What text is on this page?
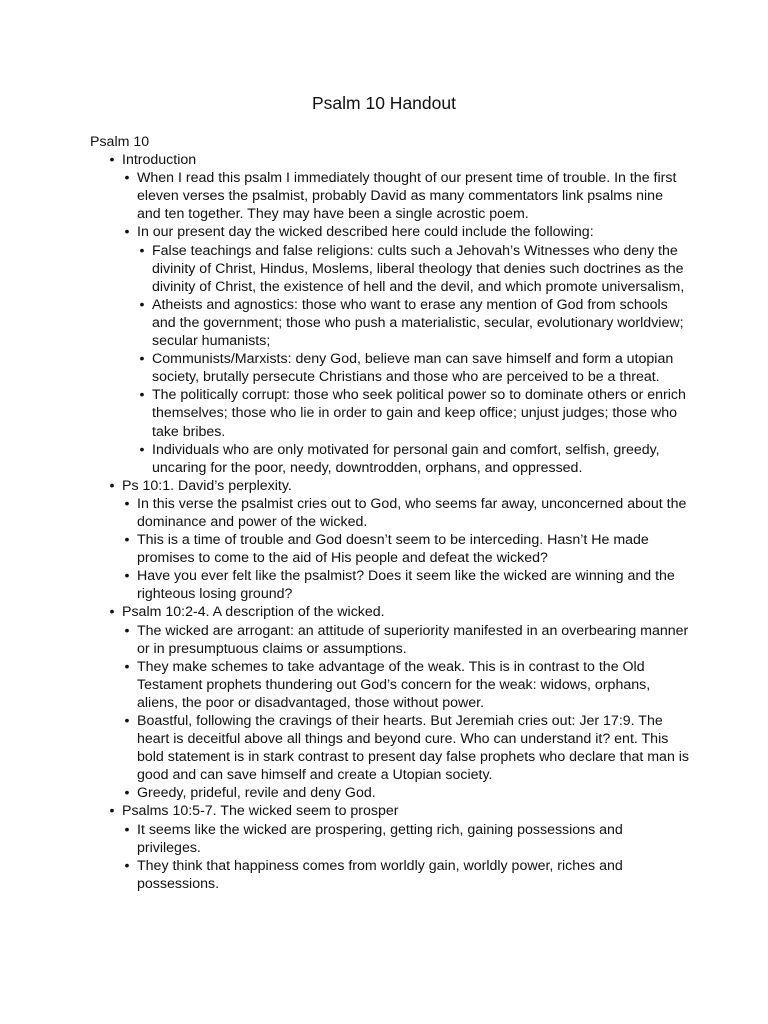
Psalm 10 Handout
Psalm 10
• Introduction
• When I read this psalm I immediately thought of our present time of trouble. In the first eleven verses the psalmist, probably David as many commentators link psalms nine and ten together. They may have been a single acrostic poem.
• In our present day the wicked described here could include the following:
• False teachings and false religions: cults such a Jehovah’s Witnesses who deny the divinity of Christ, Hindus, Moslems, liberal theology that denies such doctrines as the divinity of Christ, the existence of hell and the devil, and which promote universalism,
• Atheists and agnostics: those who want to erase any mention of God from schools and the government; those who push a materialistic, secular, evolutionary worldview; secular humanists;
• Communists/Marxists: deny God, believe man can save himself and form a utopian society, brutally persecute Christians and those who are perceived to be a threat.
• The politically corrupt: those who seek political power so to dominate others or enrich themselves; those who lie in order to gain and keep office; unjust judges; those who take bribes.
• Individuals who are only motivated for personal gain and comfort, selfish, greedy, uncaring for the poor, needy, downtrodden, orphans, and oppressed.
• Ps 10:1. David’s perplexity.
• In this verse the psalmist cries out to God, who seems far away, unconcerned about the dominance and power of the wicked.
• This is a time of trouble and God doesn’t seem to be interceding. Hasn’t He made promises to come to the aid of His people and defeat the wicked?
• Have you ever felt like the psalmist? Does it seem like the wicked are winning and the righteous losing ground?
• Psalm 10:2-4. A description of the wicked.
• The wicked are arrogant: an attitude of superiority manifested in an overbearing manner or in presumptuous claims or assumptions.
• They make schemes to take advantage of the weak. This is in contrast to the Old Testament prophets thundering out God’s concern for the weak: widows, orphans, aliens, the poor or disadvantaged, those without power.
• Boastful, following the cravings of their hearts. But Jeremiah cries out: Jer 17:9. The heart is deceitful above all things and beyond cure. Who can understand it? ent. This bold statement is in stark contrast to present day false prophets who declare that man is good and can save himself and create a Utopian society.
• Greedy, prideful, revile and deny God.
• Psalms 10:5-7. The wicked seem to prosper
• It seems like the wicked are prospering, getting rich, gaining possessions and privileges.
• They think that happiness comes from worldly gain, worldly power, riches and possessions.
